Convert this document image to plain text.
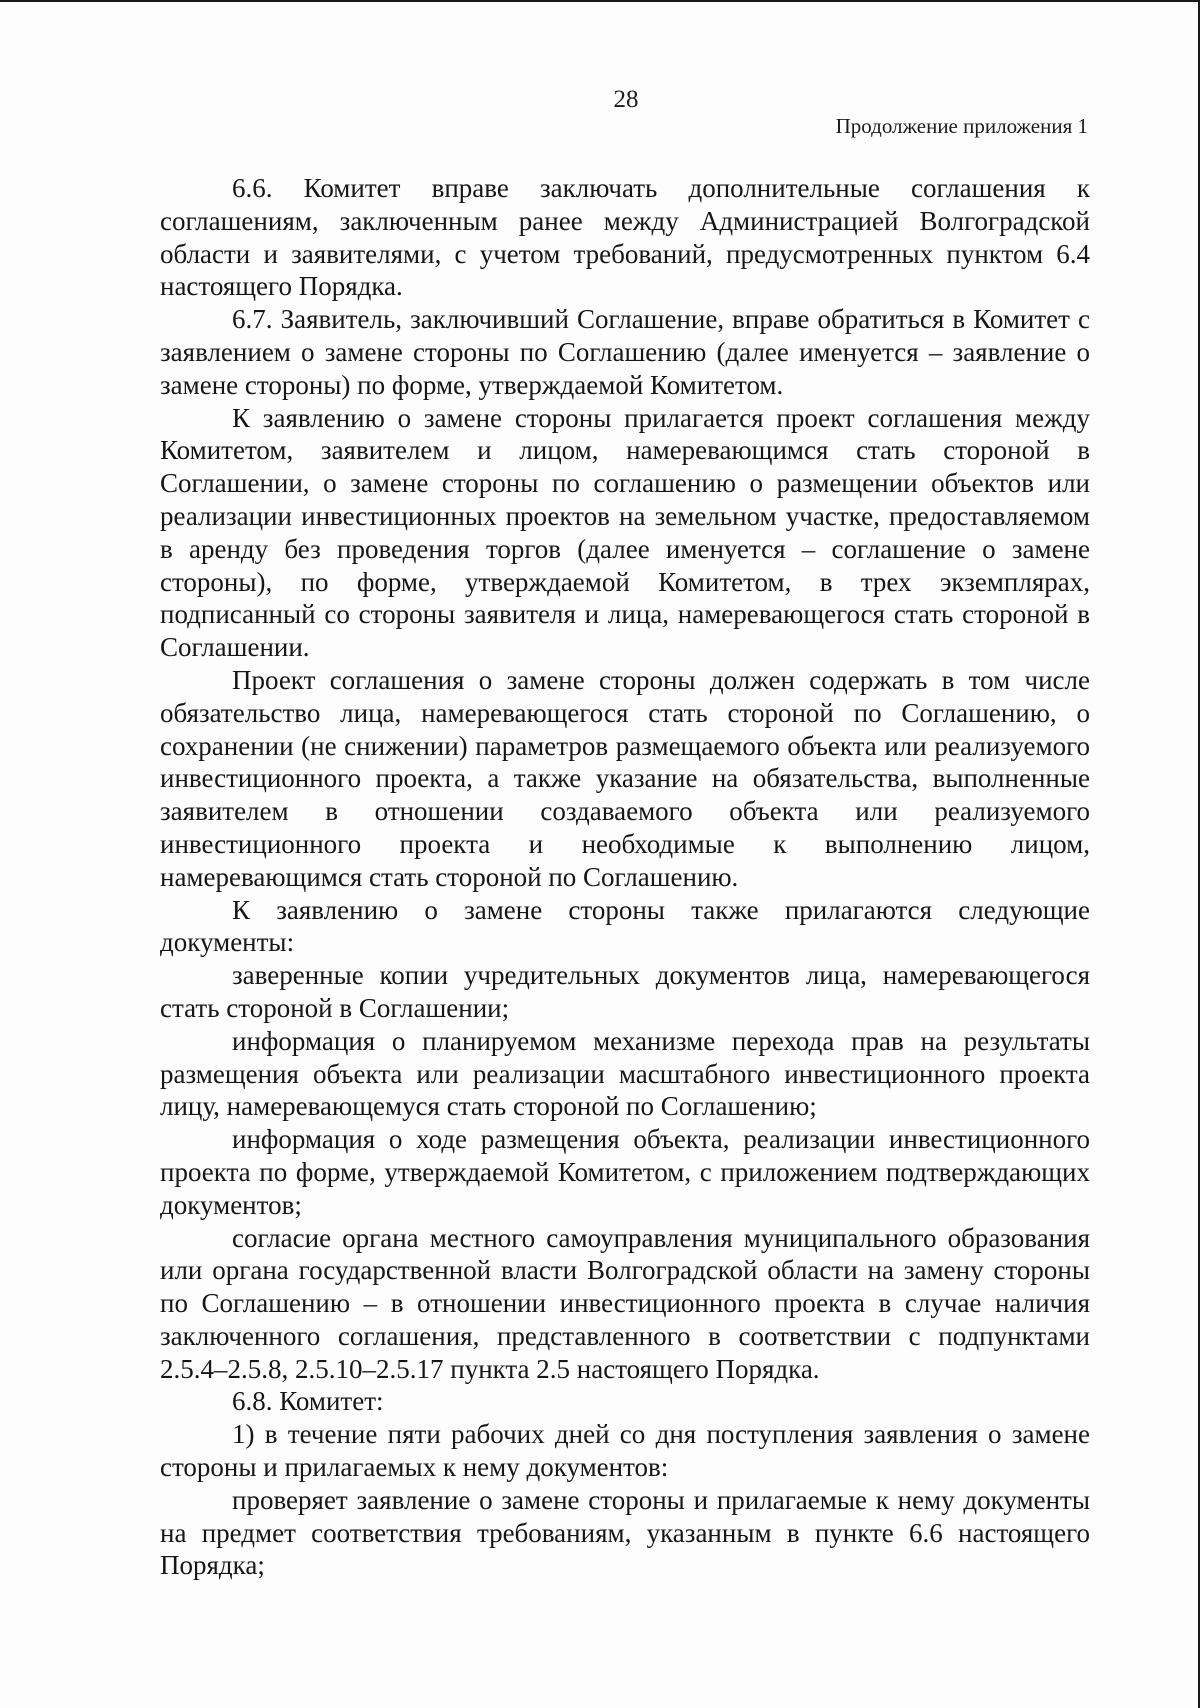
28

Продолжение приложения 1

6.6. Комитет вправе заключать дополнительные соглашения к соглашениям, заключенным ранее между Администрацией Волгоградской области и заявителями, с учетом требований, предусмотренных пунктом 6.4 настоящего Порядка.

6.7. Заявитель, заключивший Соглашение, вправе обратиться в Комитет с заявлением о замене стороны по Соглашению (далее именуется – заявление о замене стороны) по форме, утверждаемой Комитетом.

К заявлению о замене стороны прилагается проект соглашения между Комитетом, заявителем и лицом, намеревающимся стать стороной в Соглашении, о замене стороны по соглашению о размещении объектов или реализации инвестиционных проектов на земельном участке, предоставляемом в аренду без проведения торгов (далее именуется – соглашение о замене стороны), по форме, утверждаемой Комитетом, в трех экземплярах, подписанный со стороны заявителя и лица, намеревающегося стать стороной в Соглашении.

Проект соглашения о замене стороны должен содержать в том числе обязательство лица, намеревающегося стать стороной по Соглашению, о сохранении (не снижении) параметров размещаемого объекта или реализуемого инвестиционного проекта, а также указание на обязательства, выполненные заявителем в отношении создаваемого объекта или реализуемого инвестиционного проекта и необходимые к выполнению лицом, намеревающимся стать стороной по Соглашению.

К заявлению о замене стороны также прилагаются следующие документы:

заверенные копии учредительных документов лица, намеревающегося стать стороной в Соглашении;

информация о планируемом механизме перехода прав на результаты размещения объекта или реализации масштабного инвестиционного проекта лицу, намеревающемуся стать стороной по Соглашению;

информация о ходе размещения объекта, реализации инвестиционного проекта по форме, утверждаемой Комитетом, с приложением подтверждающих документов;

согласие органа местного самоуправления муниципального образования или органа государственной власти Волгоградской области на замену стороны по Соглашению – в отношении инвестиционного проекта в случае наличия заключенного соглашения, представленного в соответствии с подпунктами 2.5.4–2.5.8, 2.5.10–2.5.17 пункта 2.5 настоящего Порядка.

6.8. Комитет:

1) в течение пяти рабочих дней со дня поступления заявления о замене стороны и прилагаемых к нему документов:

проверяет заявление о замене стороны и прилагаемые к нему документы на предмет соответствия требованиям, указанным в пункте 6.6 настоящего Порядка;
